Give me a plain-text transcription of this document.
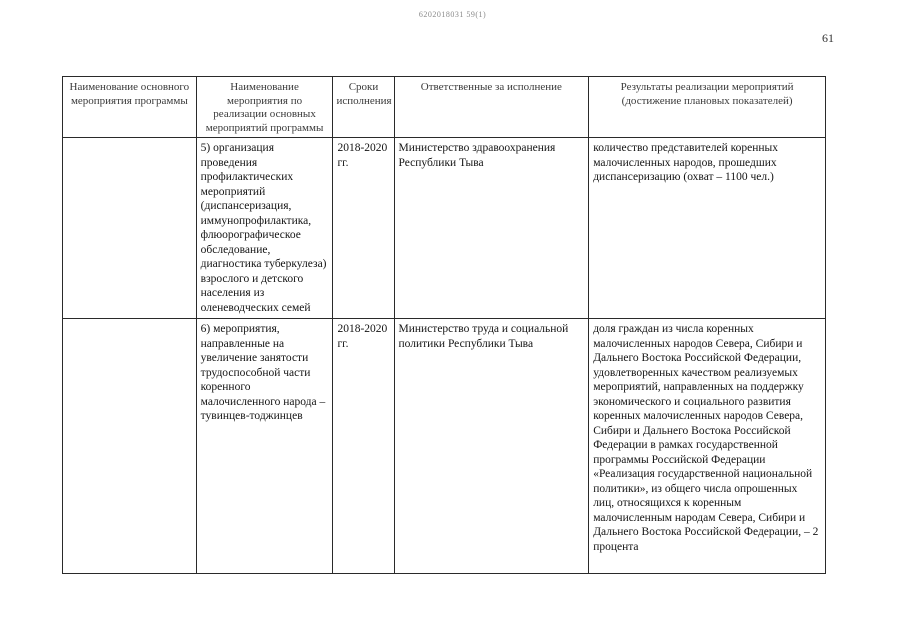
6202018031 59(1)
61
Наименование основного мероприятия программы	Наименование мероприятия по реализации основных мероприятий программы	Сроки исполнения	Ответственные за исполнение	Результаты реализации мероприятий (достижение плановых показателей)
	5) организация проведения профилактических мероприятий (диспансеризация, иммунопрофилактика, флюорографическое обследование, диагностика туберкулеза) взрослого и детского населения из оленеводческих семей	2018-2020 гг.	Министерство здравоохранения Республики Тыва	количество представителей коренных малочисленных народов, прошедших диспансеризацию (охват – 1100 чел.)
	6) мероприятия, направленные на увеличение занятости трудоспособной части коренного малочисленного народа – тувинцев-тоджинцев	2018-2020 гг.	Министерство труда и социальной политики Республики Тыва	доля граждан из числа коренных малочисленных народов Севера, Сибири и Дальнего Востока Российской Федерации, удовлетворенных качеством реализуемых мероприятий, направленных на поддержку экономического и социального развития коренных малочисленных народов Севера, Сибири и Дальнего Востока Российской Федерации в рамках государственной программы Российской Федерации «Реализация государственной национальной политики», из общего числа опрошенных лиц, относящихся к коренным малочисленным народам Севера, Сибири и Дальнего Востока Российской Федерации, – 2 процента
